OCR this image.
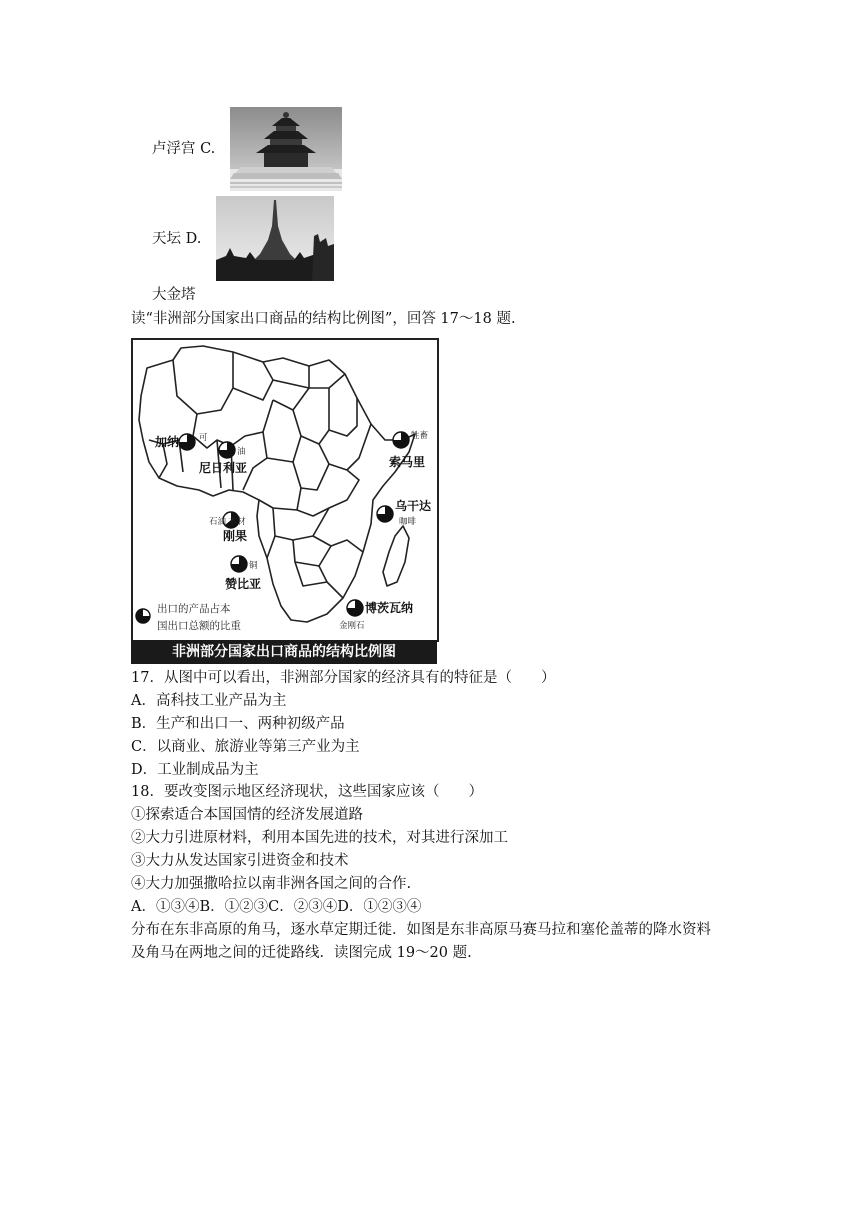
卢浮宫 C.
天坛 D.
大金塔
读“非洲部分国家出口商品的结构比例图”，回答 17～18 题.
出口的产品占本
国出口总额的比重
加纳 可
尼日利亚
油
刚果
石油 木材
赞比亚
铜
博茨瓦纳
金刚石
索马里
牲畜
乌干达
咖啡
非洲部分国家出口商品的结构比例图
17．从图中可以看出，非洲部分国家的经济具有的特征是（　　）
A．高科技工业产品为主
B．生产和出口一、两种初级产品
C．以商业、旅游业等第三产业为主
D．工业制成品为主
18．要改变图示地区经济现状，这些国家应该（　　）
①探索适合本国国情的经济发展道路
②大力引进原材料，利用本国先进的技术，对其进行深加工
③大力从发达国家引进资金和技术
④大力加强撒哈拉以南非洲各国之间的合作.
A．①③④B．①②③C．②③④D．①②③④
分布在东非高原的角马，逐水草定期迁徙．如图是东非高原马赛马拉和塞伦盖蒂的降水资料
及角马在两地之间的迁徙路线．读图完成 19～20 题.
